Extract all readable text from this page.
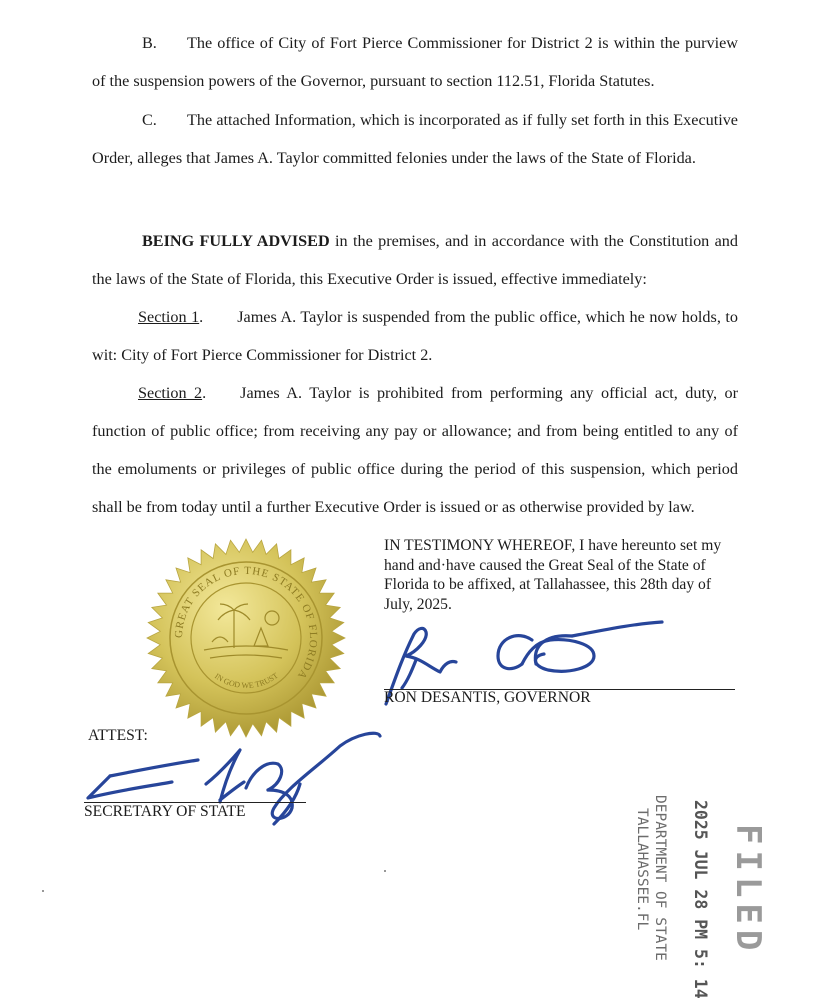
B. The office of City of Fort Pierce Commissioner for District 2 is within the purview of the suspension powers of the Governor, pursuant to section 112.51, Florida Statutes.
C. The attached Information, which is incorporated as if fully set forth in this Executive Order, alleges that James A. Taylor committed felonies under the laws of the State of Florida.
BEING FULLY ADVISED in the premises, and in accordance with the Constitution and the laws of the State of Florida, this Executive Order is issued, effective immediately:
Section 1. James A. Taylor is suspended from the public office, which he now holds, to wit: City of Fort Pierce Commissioner for District 2.
Section 2. James A. Taylor is prohibited from performing any official act, duty, or function of public office; from receiving any pay or allowance; and from being entitled to any of the emoluments or privileges of public office during the period of this suspension, which period shall be from today until a further Executive Order is issued or as otherwise provided by law.
GREAT SEAL OF THE STATE OF FLORIDA
IN GOD WE TRUST
IN TESTIMONY WHEREOF, I have hereunto set my hand and·have caused the Great Seal of the State of Florida to be affixed, at Tallahassee, this 28th day of July, 2025.
RON DESANTIS, GOVERNOR
ATTEST:
SECRETARY OF STATE
FILED
2025 JUL 28 PM 5: 14
DEPARTMENT OF STATE
TALLAHASSEE.FL
